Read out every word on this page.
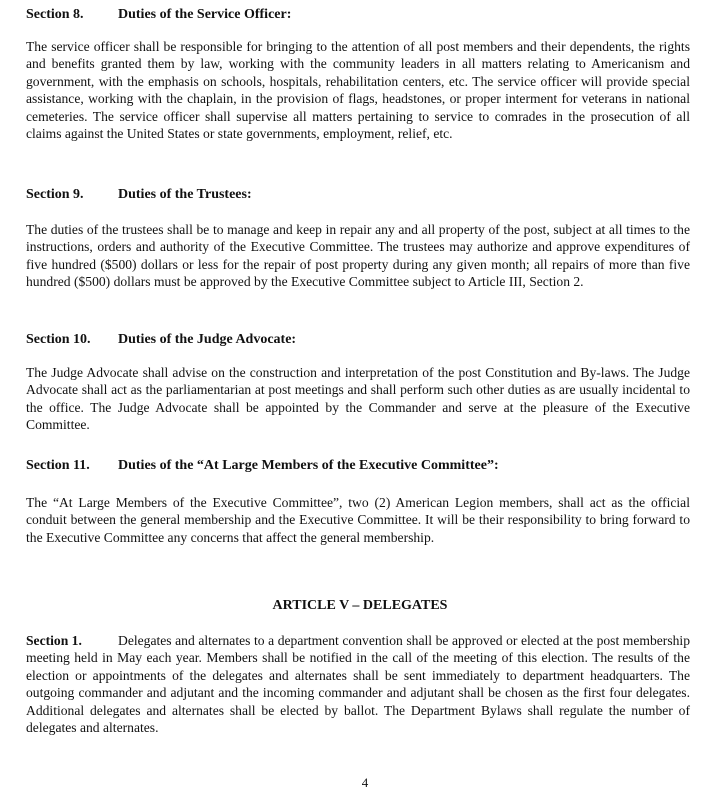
Section 8. Duties of the Service Officer:

The service officer shall be responsible for bringing to the attention of all post members and their dependents, the rights and benefits granted them by law, working with the community leaders in all matters relating to Americanism and government, with the emphasis on schools, hospitals, rehabilitation centers, etc. The service officer will provide special assistance, working with the chaplain, in the provision of flags, headstones, or proper interment for veterans in national cemeteries. The service officer shall supervise all matters pertaining to service to comrades in the prosecution of all claims against the United States or state governments, employment, relief, etc.

Section 9. Duties of the Trustees:

The duties of the trustees shall be to manage and keep in repair any and all property of the post, subject at all times to the instructions, orders and authority of the Executive Committee. The trustees may authorize and approve expenditures of five hundred ($500) dollars or less for the repair of post property during any given month; all repairs of more than five hundred ($500) dollars must be approved by the Executive Committee subject to Article III, Section 2.

Section 10. Duties of the Judge Advocate:

The Judge Advocate shall advise on the construction and interpretation of the post Constitution and By-laws. The Judge Advocate shall act as the parliamentarian at post meetings and shall perform such other duties as are usually incidental to the office. The Judge Advocate shall be appointed by the Commander and serve at the pleasure of the Executive Committee.

Section 11. Duties of the “At Large Members of the Executive Committee”:

The “At Large Members of the Executive Committee”, two (2) American Legion members, shall act as the official conduit between the general membership and the Executive Committee. It will be their responsibility to bring forward to the Executive Committee any concerns that affect the general membership.

ARTICLE V – DELEGATES

Section 1.	Delegates and alternates to a department convention shall be approved or elected at the post membership meeting held in May each year. Members shall be notified in the call of the meeting of this election. The results of the election or appointments of the delegates and alternates shall be sent immediately to department headquarters. The outgoing commander and adjutant and the incoming commander and adjutant shall be chosen as the first four delegates. Additional delegates and alternates shall be elected by ballot. The Department Bylaws shall regulate the number of delegates and alternates.

4
